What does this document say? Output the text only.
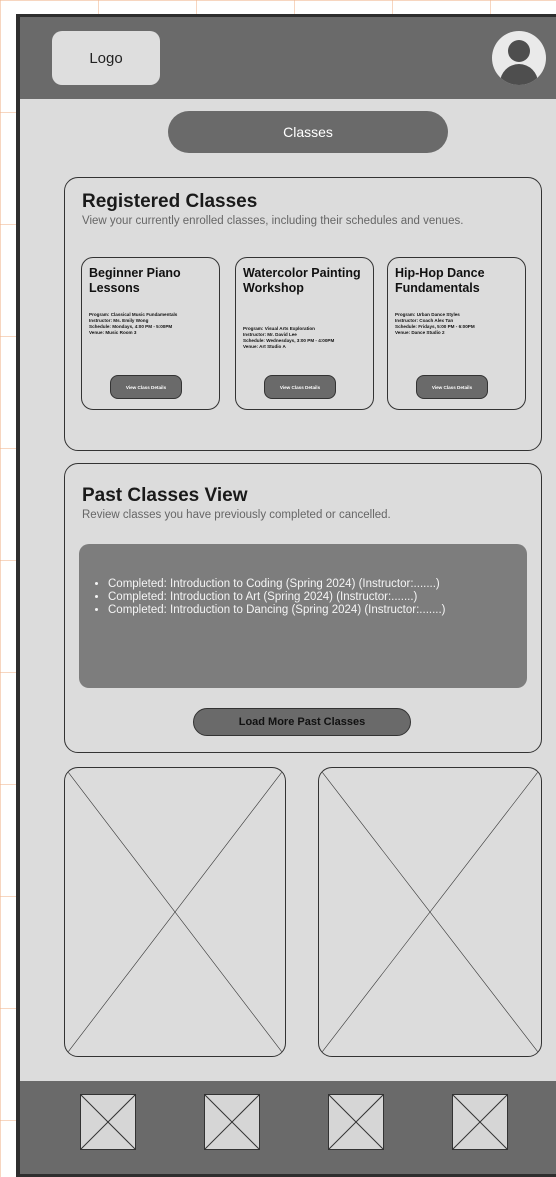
Logo
Classes
Registered Classes
View your currently enrolled classes, including their schedules and venues.
Beginner Piano Lessons
Program: Classical Music Fundamentals
Instructor: Ms. Emily Wong
Schedule: Mondays, 4:00 PM - 5:00PM
Venue: Music Room 3
View Class Details
Watercolor Painting Workshop
Program: Visual Arts Exploration
Instructor: Mr. David Lee
Schedule: Wednesdays, 3:00 PM - 4:00PM
Venue: Art Studio A
View Class Details
Hip-Hop Dance Fundamentals
Program: Urban Dance Styles
Instructor: Coach Alex Tan
Schedule: Fridays, 5:00 PM - 6:00PM
Venue: Dance Studio 2
View Class Details
Past Classes View
Review classes you have previously completed or cancelled.
• Completed: Introduction to Coding (Spring 2024) (Instructor:.......)
• Completed: Introduction to Art (Spring 2024) (Instructor:.......)
• Completed: Introduction to Dancing (Spring 2024) (Instructor:.......)
Load More Past Classes
